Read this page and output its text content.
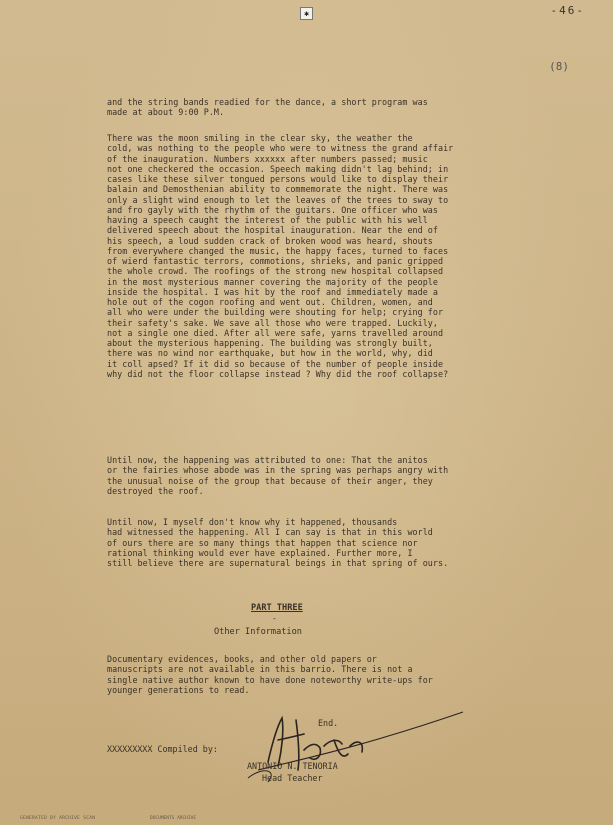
✱	-46-
(8)
and the string bands readied for the dance, a short program was
made at about 9:00 P.M.
There was the moon smiling in the clear sky, the weather the
cold, was nothing to the people who were to witness the grand affair
of the inauguration. Numbers xxxxxx after numbers passed; music
not one checkered the occasion. Speech making didn't lag behind; in
cases like these silver tongued persons would like to display their
balain and Demosthenian ability to commemorate the night. There was
only a slight wind enough to let the leaves of the trees to sway to
and fro gayly with the rhythm of the guitars. One officer who was
having a speech caught the interest of the public with his well
delivered speech about the hospital inauguration. Near the end of
his speech, a loud sudden crack of broken wood was heard, shouts
from everywhere changed the music, the happy faces, turned to faces
of wierd fantastic terrors, commotions, shrieks, and panic gripped
the whole crowd. The roofings of the strong new hospital collapsed
in the most mysterious manner covering the majority of the people
inside the hospital. I was hit by the roof and immediately made a
hole out of the cogon roofing and went out. Children, women, and
all who were under the building were shouting for help; crying for
their safety's sake. We save all those who were trapped. Luckily,
not a single one died. After all were safe, yarns travelled around
about the mysterious happening. The building was strongly built,
there was no wind nor earthquake, but how in the world, why, did
it coll apsed? If it did so because of the number of people inside
why did not the floor collapse instead ? Why did the roof collapse?
Until now, the happening was attributed to one: That the anitos
or the fairies whose abode was in the spring was perhaps angry with
the unusual noise of the group that because of their anger, they
destroyed the roof.
Until now, I myself don't know why it happened, thousands
had witnessed the happening. All I can say is that in this world
of ours there are so many things that happen that science nor
rational thinking would ever have explained. Further more, I
still believe there are supernatural beings in that spring of ours.
PART THREE
-
Other Information
Documentary evidences, books, and other old papers or
manuscripts are not available in this barrio. There is not a
single native author known to have done noteworthy write-ups for
younger generations to read.
End.
XXXXXXXXX Compiled by:
ANTONIO N. TENORIA
Head Teacher
GENERATED BY ARCHIVE SCAN	DOCUMENTS ARCHIVE
